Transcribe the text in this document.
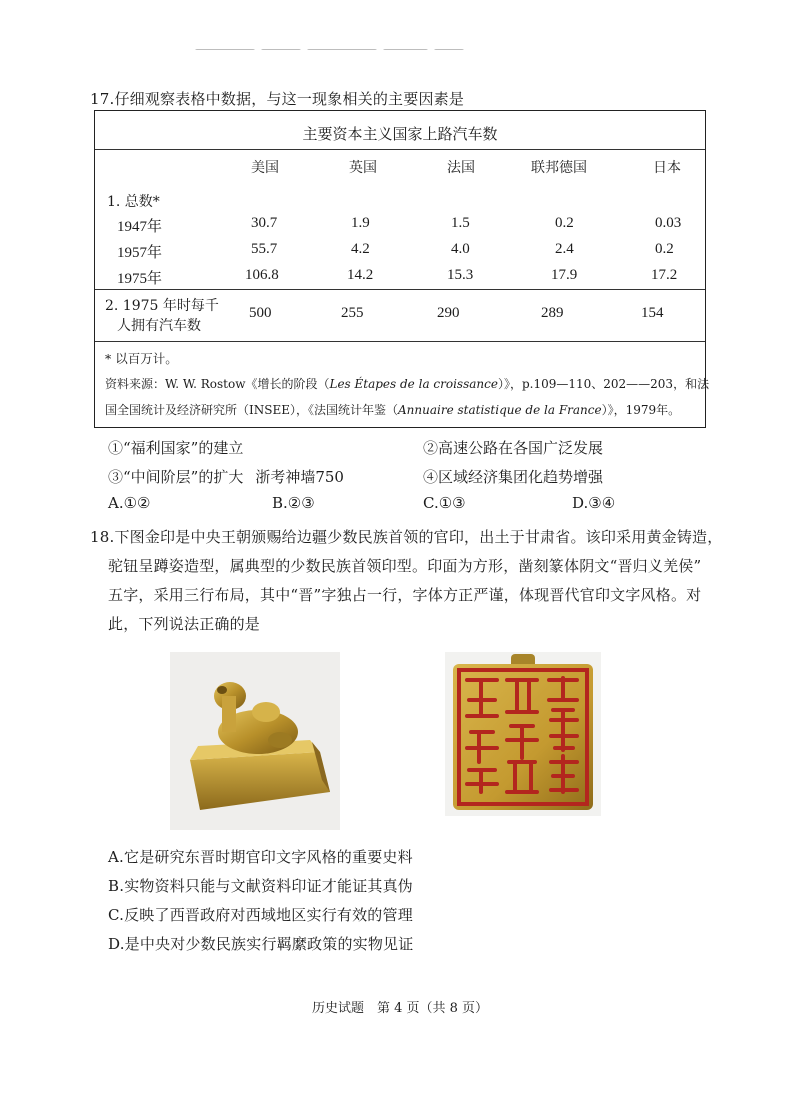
17.仔细观察表格中数据，与这一现象相关的主要因素是
主要资本主义国家上路汽车数
美国	英国	法国	联邦德国	日本
1. 总数*
1947年	30.7	1.9	1.5	0.2	0.03
1957年	55.7	4.2	4.0	2.4	0.2
1975年	106.8	14.2	15.3	17.9	17.2
2. 1975 年时每千
人拥有汽车数
500	255	290	289	154
* 以百万计。
资料来源：W. W. Rostow《增长的阶段（Les Étapes de la croissance）》，p.109—110、202——203，和法
国全国统计及经济研究所（INSEE），《法国统计年鉴（Annuaire statistique de la France）》，1979年。
①“福利国家”的建立	②高速公路在各国广泛发展
③“中间阶层”的扩大 浙考神墙750	④区域经济集团化趋势增强
A.①②	B.②③	C.①③	D.③④
18.下图金印是中央王朝颁赐给边疆少数民族首领的官印，出土于甘肃省。该印采用黄金铸造，
驼钮呈蹲姿造型，属典型的少数民族首领印型。印面为方形，凿刻篆体阴文“晋归义羌侯”
五字，采用三行布局，其中“晋”字独占一行，字体方正严谨，体现晋代官印文字风格。对
此，下列说法正确的是
A.它是研究东晋时期官印文字风格的重要史料
B.实物资料只能与文献资料印证才能证其真伪
C.反映了西晋政府对西域地区实行有效的管理
D.是中央对少数民族实行羁縻政策的实物见证
历史试题　第 4 页（共 8 页）
